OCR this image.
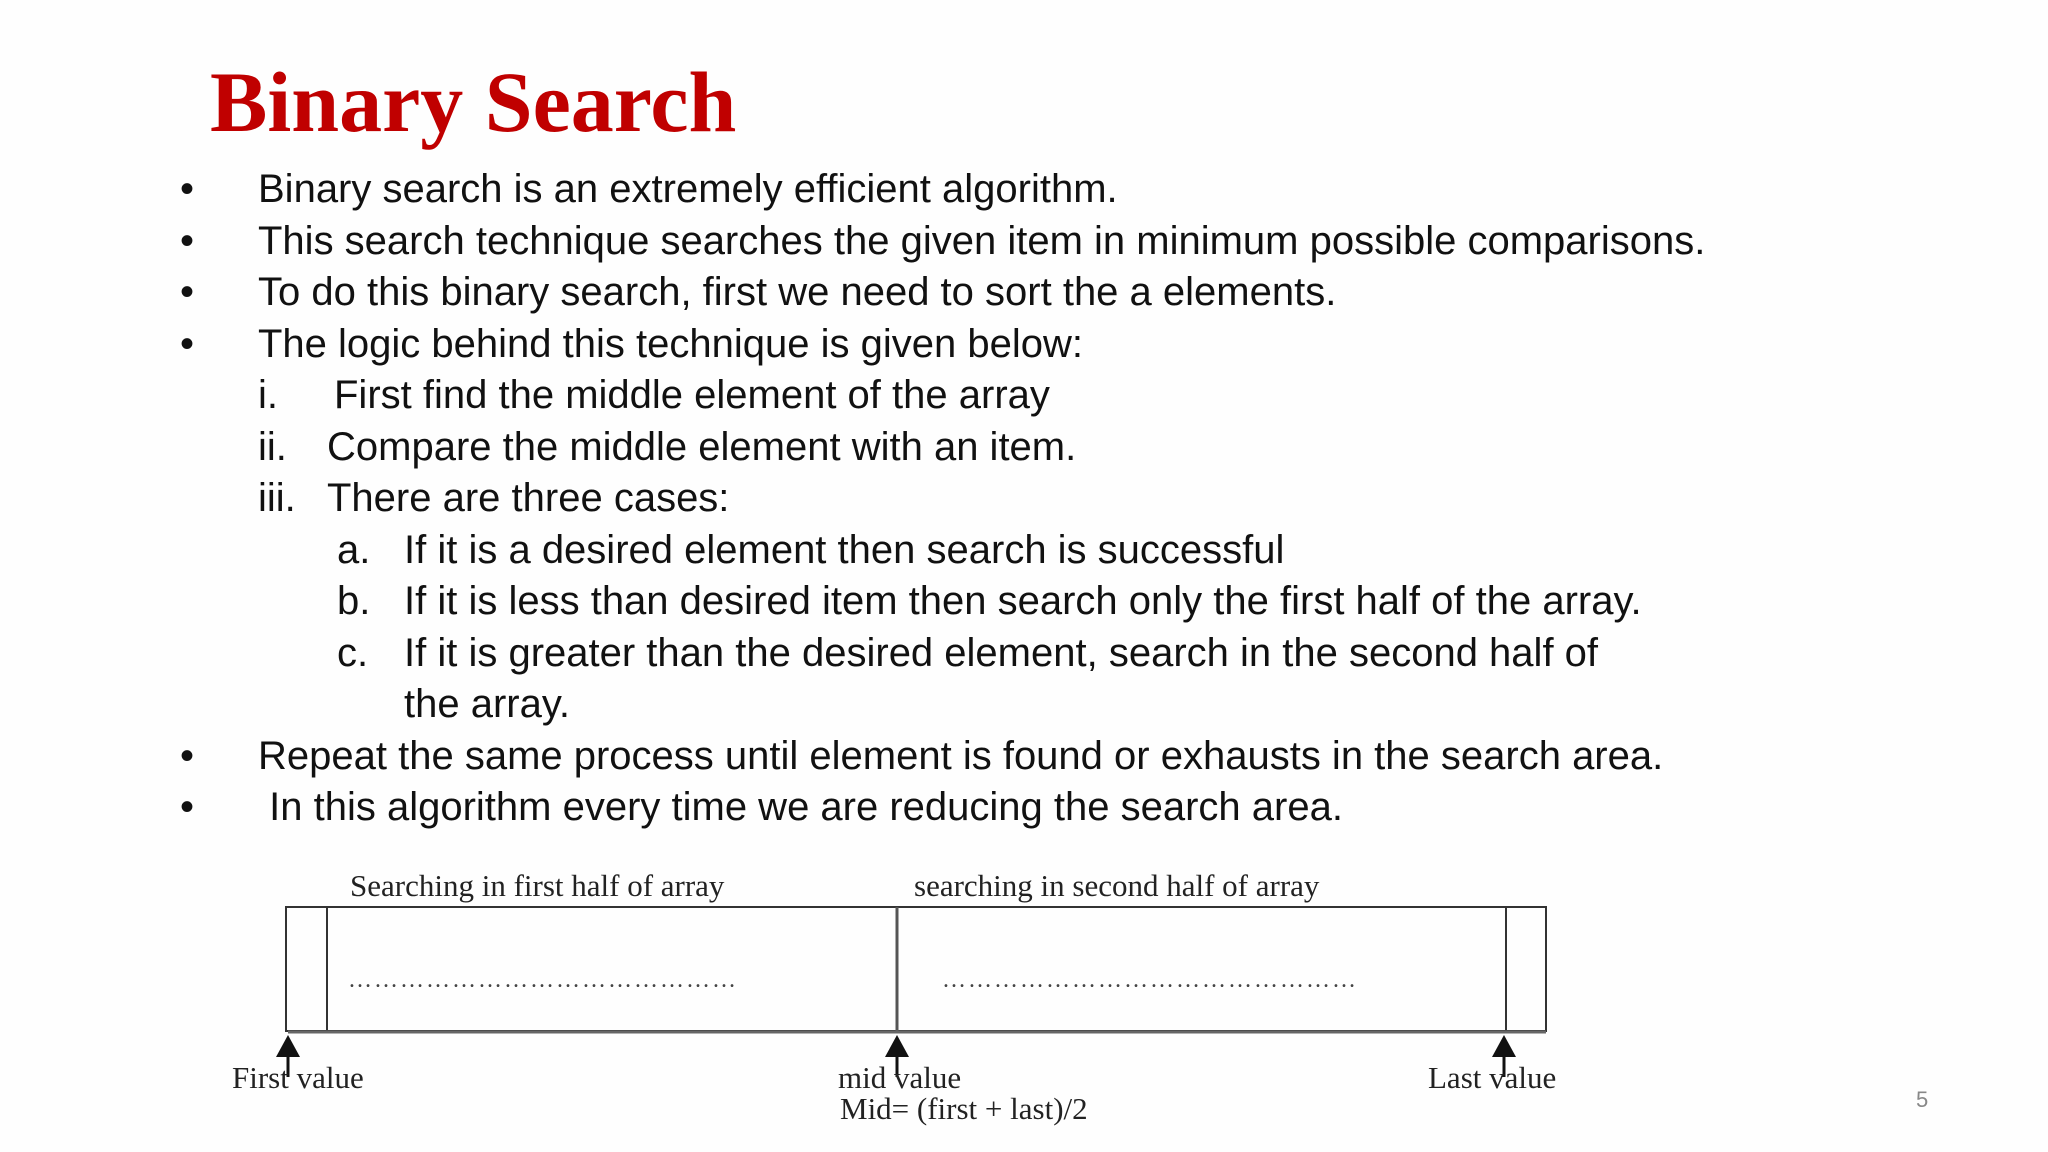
Binary Search
• Binary search is an extremely efficient algorithm.
• This search technique searches the given item in minimum possible comparisons.
• To do this binary search, first we need to sort the a elements.
• The logic behind this technique is given below:
i. First find the middle element of the array
ii. Compare the middle element with an item.
iii. There are three cases:
a. If it is a desired element then search is successful
b. If it is less than desired item then search only the first half of the array.
c. If it is greater than the desired element, search in the second half of
the array.
• Repeat the same process until element is found or exhausts in the search area.
• In this algorithm every time we are reducing the search area.
Searching in first half of array	searching in second half of array
………………………………………	…………………………………………
First value	mid value
Mid= (first + last)/2
Last value
5
